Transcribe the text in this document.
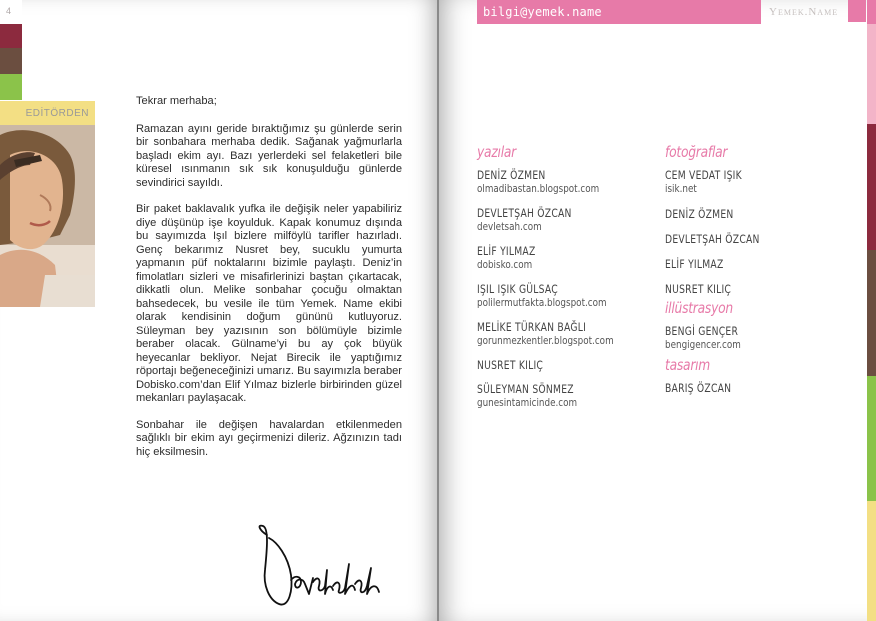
4
EDİTÖRDEN

Tekrar merhaba;

Ramazan ayını geride bıraktığımız şu günlerde serin bir sonbahara merhaba dedik. Sağanak yağmurlarla başladı ekim ayı. Bazı yerlerdeki sel felaketleri bile küresel ısınmanın sık sık konuşulduğu günlerde sevindirici sayıldı.

Bir paket baklavalık yufka ile değişik neler yapabiliriz diye düşünüp işe koyulduk. Kapak konumuz dışında bu sayımızda Işıl bizlere milföylü tarifler hazırladı. Genç bekarımız Nusret bey, sucuklu yumurta yapmanın püf noktalarını bizimle paylaştı. Deniz’in fimolatları sizleri ve misafirlerinizi baştan çıkartacak, dikkatli olun. Melike sonbahar çocuğu olmaktan bahsedecek, bu vesile ile tüm Yemek. Name ekibi olarak kendisinin doğum gününü kutluyoruz. Süleyman bey yazısının son bölümüyle bizimle beraber olacak. Gülname’yi bu ay çok büyük heyecanlar bekliyor. Nejat Birecik ile yaptığımız röportajı beğeneceğinizi umarız. Bu sayımızla beraber Dobisko.com’dan Elif Yılmaz bizlerle birbirinden güzel mekanları paylaşacak.

Sonbahar ile değişen havalardan etkilenmeden sağlıklı bir ekim ayı geçirmenizi dileriz. Ağzınızın tadı hiç eksilmesin.

bilgi@yemek.name	Yemek.Name
yazılar
DENİZ ÖZMEN
olmadibastan.blogspot.com
DEVLETŞAH ÖZCAN
devletsah.com
ELİF YILMAZ
dobisko.com
IŞIL IŞIK GÜLSAÇ
polilermutfakta.blogspot.com
MELİKE TÜRKAN BAĞLI
gorunmezkentler.blogspot.com
NUSRET KILIÇ
SÜLEYMAN SÖNMEZ
gunesintamicinde.com
fotoğraflar
CEM VEDAT IŞIK
isik.net
DENİZ ÖZMEN
DEVLETŞAH ÖZCAN
ELİF YILMAZ
NUSRET KILIÇ
illüstrasyon
BENGİ GENÇER
bengigencer.com
tasarım
BARIŞ ÖZCAN
